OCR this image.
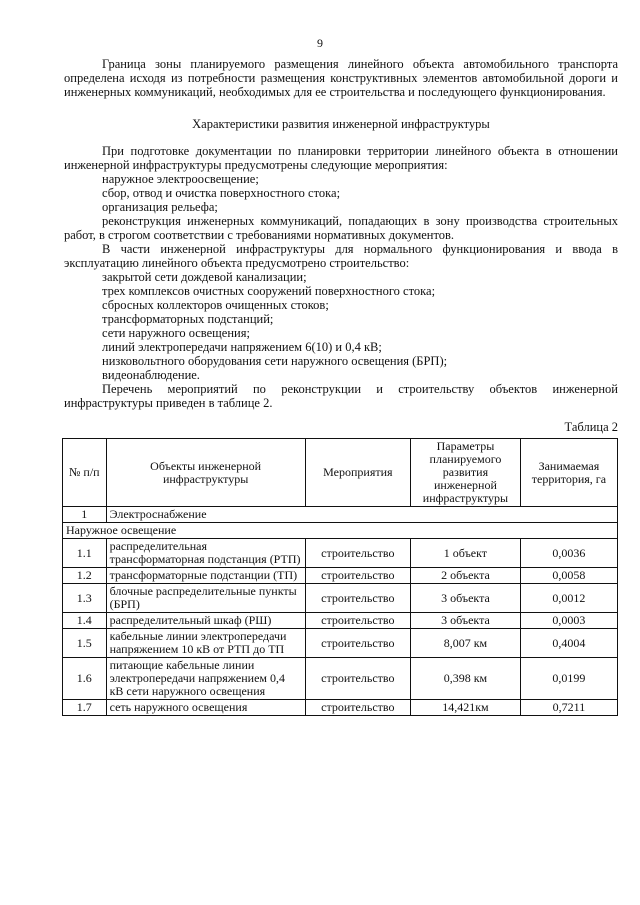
9

Граница зоны планируемого размещения линейного объекта автомобильного транспорта определена исходя из потребности размещения конструктивных элементов автомобильной дороги и инженерных коммуникаций, необходимых для ее строительства и последующего функционирования.

Характеристики развития инженерной инфраструктуры

При подготовке документации по планировки территории линейного объекта в отношении инженерной инфраструктуры предусмотрены следующие мероприятия:

наружное электроосвещение;

сбор, отвод и очистка поверхностного стока;

организация рельефа;

реконструкция инженерных коммуникаций, попадающих в зону производства строительных работ, в строгом соответствии с требованиями нормативных документов.

В части инженерной инфраструктуры для нормального функционирования и ввода в эксплуатацию линейного объекта предусмотрено строительство:

закрытой сети дождевой канализации;

трех комплексов очистных сооружений поверхностного стока;

сбросных коллекторов очищенных стоков;

трансформаторных подстанций;

сети наружного освещения;

линий электропередачи напряжением 6(10) и 0,4 кВ;

низковольтного оборудования сети наружного освещения (БРП);

видеонаблюдение.

Перечень мероприятий по реконструкции и строительству объектов инженерной инфраструктуры приведен в таблице 2.

Таблица 2

№ п/п	Объекты инженерной инфраструктуры	Мероприятия	Параметры планируемого развития инженерной инфраструктуры	Занимаемая территория, га
1	Электроснабжение			
Наружное освещение				
1.1	распределительная трансформаторная подстанция (РТП)	строительство	1 объект	0,0036
1.2	трансформаторные подстанции (ТП)	строительство	2 объекта	0,0058
1.3	блочные распределительные пункты (БРП)	строительство	3 объекта	0,0012
1.4	распределительный шкаф (РШ)	строительство	3 объекта	0,0003
1.5	кабельные линии электропередачи напряжением 10 кВ от РТП до ТП	строительство	8,007 км	0,4004
1.6	питающие кабельные линии электропередачи напряжением 0,4 кВ сети наружного освещения	строительство	0,398 км	0,0199
1.7	сеть наружного освещения	строительство	14,421км	0,7211
